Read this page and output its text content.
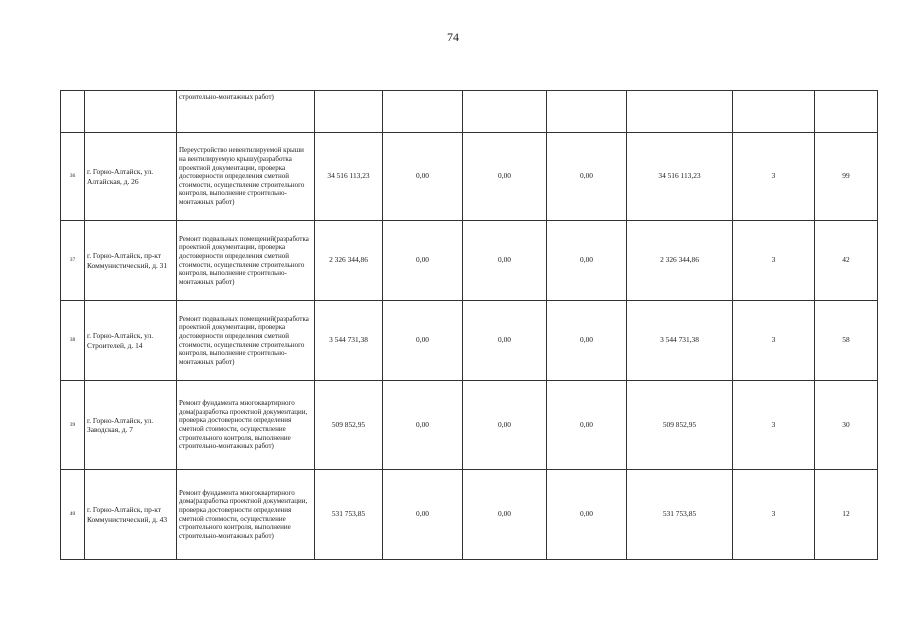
74
		строительно-монтажных работ)							
36	г. Горно-Алтайск, ул. Алтайская, д. 26	Переустройство невентилируемой крыши на вентилируемую крышу(разработка проектной документации, проверка достоверности определения сметной стоимости, осуществление строительного контроля, выполнение строительно-монтажных работ)	34 516 113,23	0,00	0,00	0,00	34 516 113,23	3	99
37	г. Горно-Алтайск, пр-кт Коммунистический, д. 31	Ремонт подвальных помещений(разработка проектной документации, проверка достоверности определения сметной стоимости, осуществление строительного контроля, выполнение строительно-монтажных работ)	2 326 344,86	0,00	0,00	0,00	2 326 344,86	3	42
38	г. Горно-Алтайск, ул. Строителей, д. 14	Ремонт подвальных помещений(разработка проектной документации, проверка достоверности определения сметной стоимости, осуществление строительного контроля, выполнение строительно-монтажных работ)	3 544 731,38	0,00	0,00	0,00	3 544 731,38	3	58
39	г. Горно-Алтайск, ул. Заводская, д. 7	Ремонт фундамента многоквартирного дома(разработка проектной документации, проверка достоверности определения сметной стоимости, осуществление строительного контроля, выполнение строительно-монтажных работ)	509 852,95	0,00	0,00	0,00	509 852,95	3	30
40	г. Горно-Алтайск, пр-кт Коммунистический, д. 43	Ремонт фундамента многоквартирного дома(разработка проектной документации, проверка достоверности определения сметной стоимости, осуществление строительного контроля, выполнение строительно-монтажных работ)	531 753,85	0,00	0,00	0,00	531 753,85	3	12
